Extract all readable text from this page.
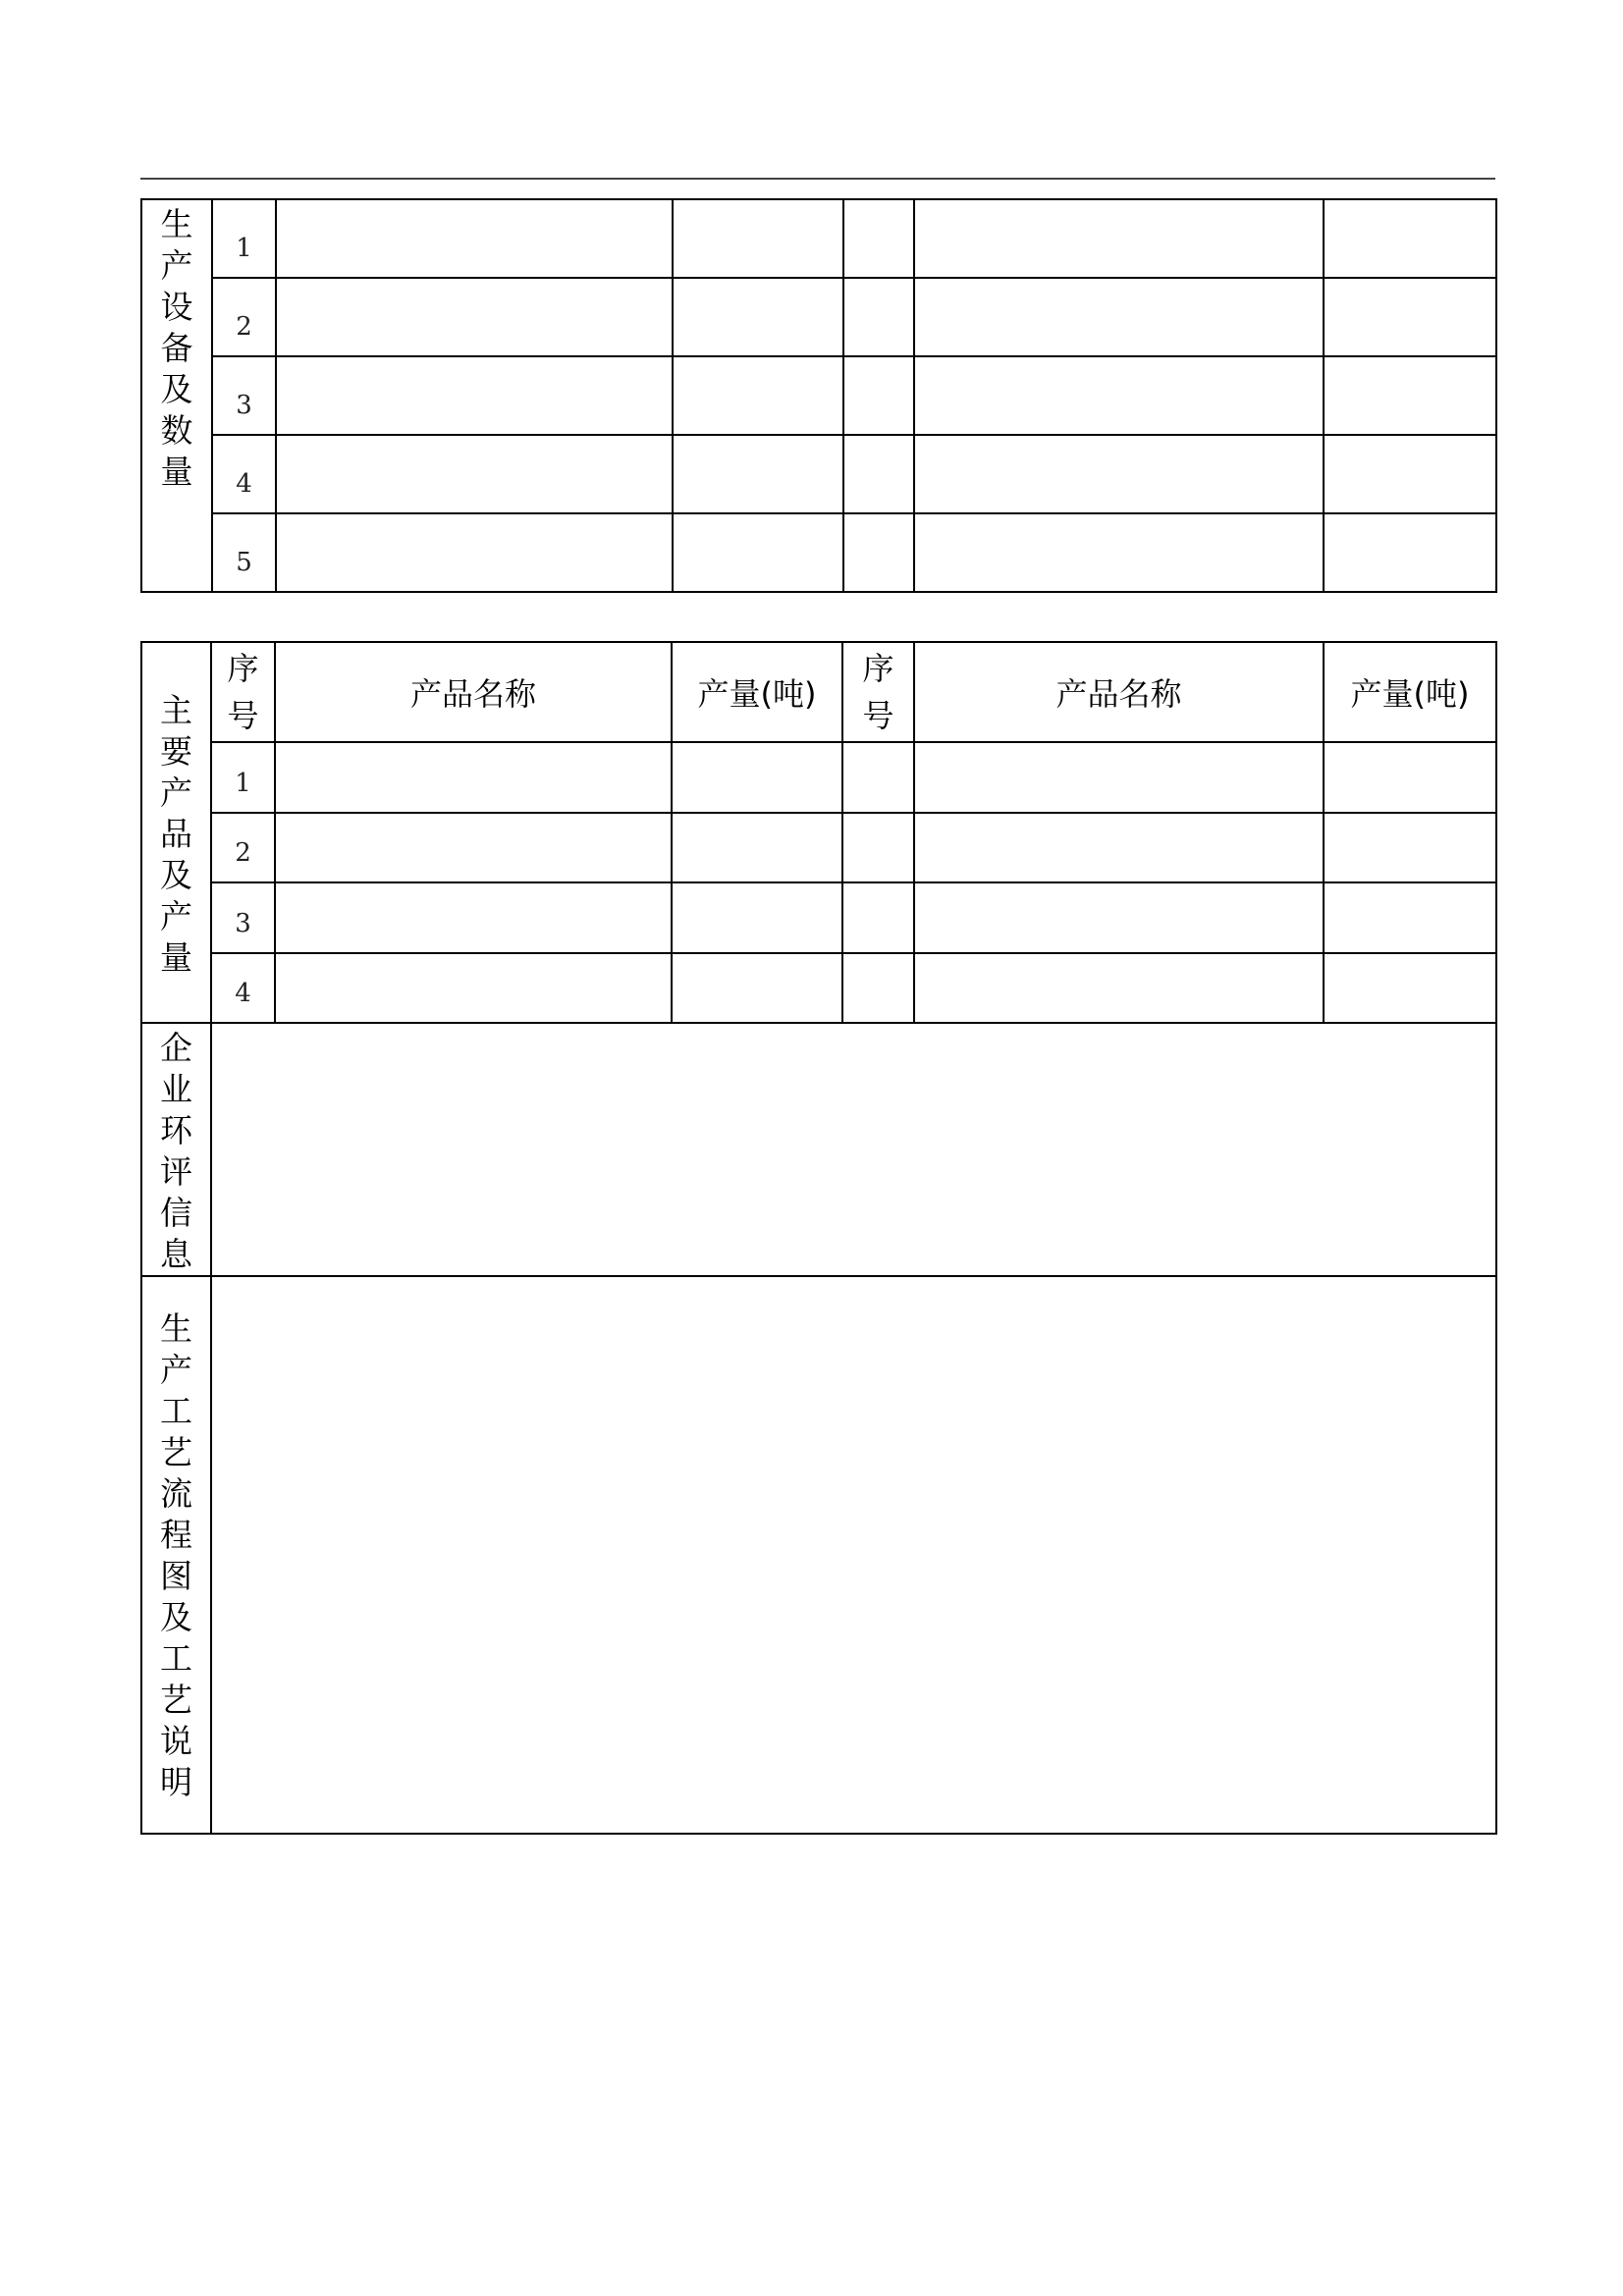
生产设备及数量	1					
	2					
	3					
	4					
	5					
主要产品及产量	序号	产品名称	产量(吨)	序号	产品名称	产量(吨)
	1					
	2					
	3					
	4					
企业环评信息						
生产工艺流程图及工艺说明						
